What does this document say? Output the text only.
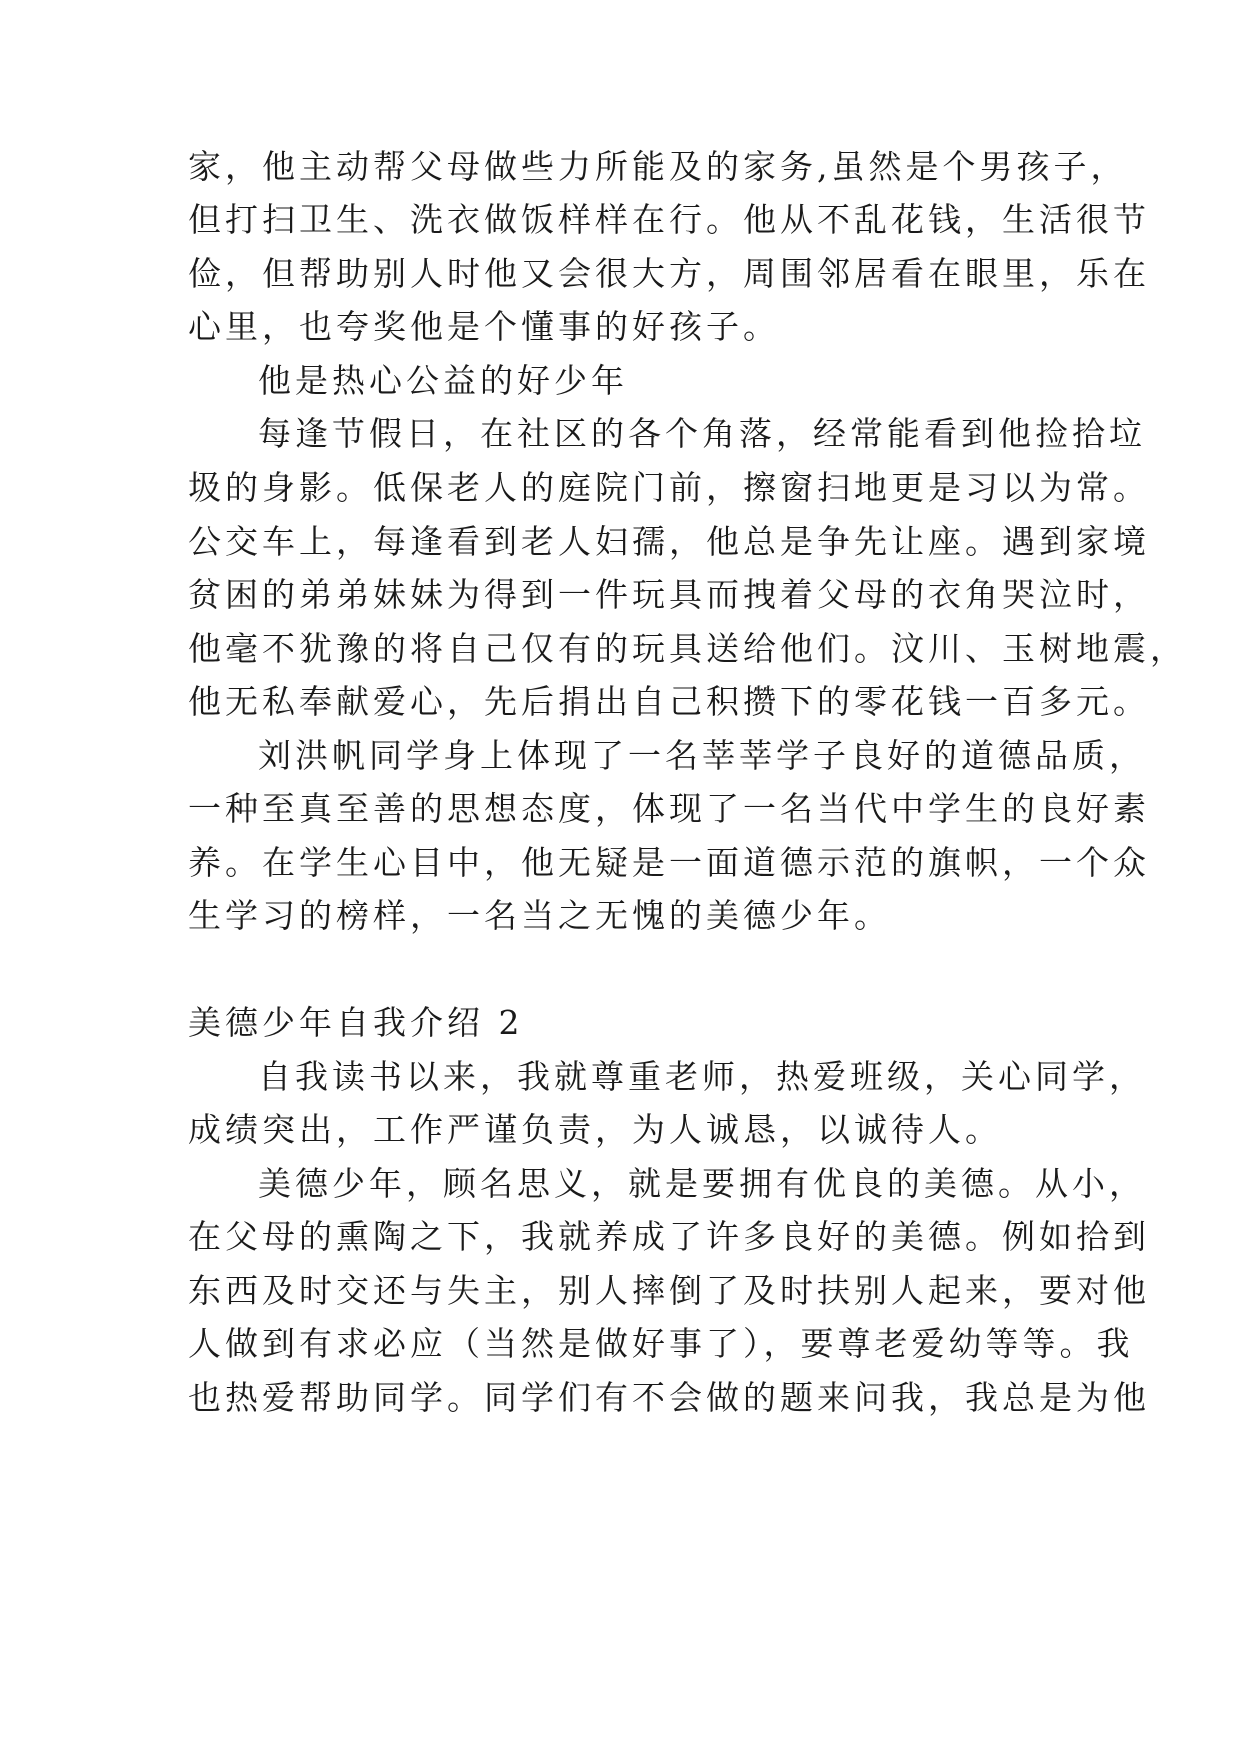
家，他主动帮父母做些力所能及的家务,虽然是个男孩子，
但打扫卫生、洗衣做饭样样在行。他从不乱花钱，生活很节
俭，但帮助别人时他又会很大方，周围邻居看在眼里，乐在
心里，也夸奖他是个懂事的好孩子。
他是热心公益的好少年
每逢节假日，在社区的各个角落，经常能看到他捡拾垃
圾的身影。低保老人的庭院门前，擦窗扫地更是习以为常。
公交车上，每逢看到老人妇孺，他总是争先让座。遇到家境
贫困的弟弟妹妹为得到一件玩具而拽着父母的衣角哭泣时，
他毫不犹豫的将自己仅有的玩具送给他们。汶川、玉树地震，
他无私奉献爱心，先后捐出自己积攒下的零花钱一百多元。
刘洪帆同学身上体现了一名莘莘学子良好的道德品质，
一种至真至善的思想态度，体现了一名当代中学生的良好素
养。在学生心目中，他无疑是一面道德示范的旗帜，一个众
生学习的榜样，一名当之无愧的美德少年。
美德少年自我介绍 2
自我读书以来，我就尊重老师，热爱班级，关心同学，
成绩突出，工作严谨负责，为人诚恳，以诚待人。
美德少年，顾名思义，就是要拥有优良的美德。从小，
在父母的熏陶之下，我就养成了许多良好的美德。例如拾到
东西及时交还与失主，别人摔倒了及时扶别人起来，要对他
人做到有求必应（当然是做好事了），要尊老爱幼等等。我
也热爱帮助同学。同学们有不会做的题来问我，我总是为他
